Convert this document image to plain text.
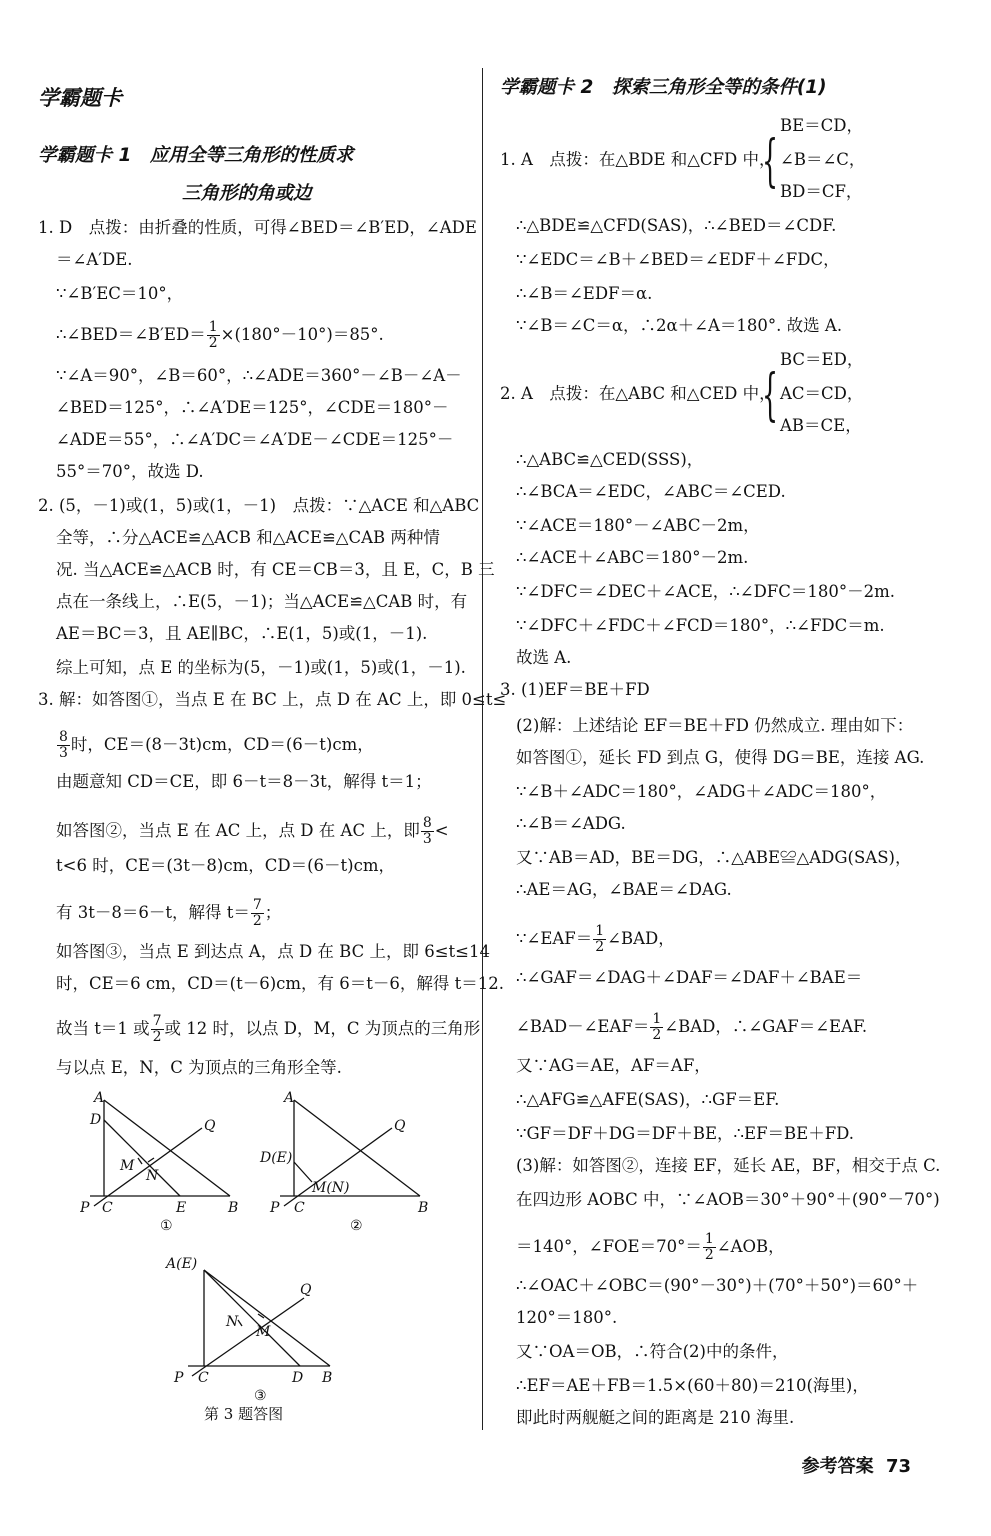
学霸题卡
学霸题卡 1　应用全等三角形的性质求
三角形的角或边
1. D　点拨：由折叠的性质，可得∠BED＝∠B′ED，∠ADE
＝∠A′DE.
∵∠B′EC＝10°，
∴∠BED＝∠B′ED＝ $\frac{1}{2} \times(180^\circ-10^\circ)=85^\circ$.
∵∠A＝90°，∠B＝60°，∴∠ADE＝360°－∠B－∠A－
∠BED＝125°，∴∠A′DE＝125°，∠CDE＝180°－
∠ADE＝55°，∴∠A′DC＝∠A′DE－∠CDE＝125°－
55°＝70°，故选 D.
2. (5，－1)或(1，5)或(1，－1)　点拨：∵△ACE 和△ABC
全等，∴分△ACE≌△ACB 和△ACE≌△CAB 两种情
况. 当△ACE≌△ACB 时，有 CE＝CB＝3，且 E，C，B 三
点在一条线上，∴E(5，－1)；当△ACE≌△CAB 时，有
AE＝BC＝3，且 AE∥BC，∴E(1，5)或(1，－1).
综上可知，点 E 的坐标为(5，－1)或(1，5)或(1，－1).
3. 解：如答图①，当点 E 在 BC 上，点 D 在 AC 上，即 0≤t≤
$\frac{8}{3}$ 时，CE＝(8－3t)cm，CD＝(6－t)cm，
由题意知 CD＝CE，即 6－t＝8－3t，解得 t＝1；
如答图②，当点 E 在 AC 上，点 D 在 AC 上，即 $\frac{8}{3}$ <
t<6 时，CE＝(3t－8)cm，CD＝(6－t)cm，
有 3t－8＝6－t，解得 $t= \frac{7}{2}$ ；
如答图③，当点 E 到达点 A，点 D 在 BC 上，即 6≤t≤14
时，CE＝6 cm，CD＝(t－6)cm，有 6＝t－6，解得 t＝12.
故当 t＝1 或 $\frac{7}{2}$ 或 12 时，以点 D，M，C 为顶点的三角形
与以点 E，N，C 为顶点的三角形全等.
A
D	Q
M
N
P C	E	B
①
A
D(E)
Q
M(N)
P C	B
②
A(E)
Q
N
M
P C	D B
③
第 3 题答图
学霸题卡 2　探索三角形全等的条件(1)
1. A　点拨：在△BDE 和△CFD 中，
{
BE＝CD，
∠B＝∠C，
BD＝CF，
∴△BDE≌△CFD(SAS)，∴∠BED＝∠CDF.
∵∠EDC＝∠B＋∠BED＝∠EDF＋∠FDC，
∴∠B＝∠EDF＝α.
∵∠B＝∠C＝α，∴2α＋∠A＝180°. 故选 A.
2. A　点拨：在△ABC 和△CED 中，
{
BC＝ED，
AC＝CD，
AB＝CE，
∴△ABC≌△CED(SSS)，
∴∠BCA＝∠EDC，∠ABC＝∠CED.
∵∠ACE＝180°－∠ABC－2m，
∴∠ACE＋∠ABC＝180°－2m.
∵∠DFC＝∠DEC＋∠ACE，∴∠DFC＝180°－2m.
∵∠DFC＋∠FDC＋∠FCD＝180°，∴∠FDC＝m.
故选 A.
3. (1)EF＝BE＋FD
(2)解：上述结论 EF＝BE＋FD 仍然成立. 理由如下：
如答图①，延长 FD 到点 G，使得 DG＝BE，连接 AG.
∵∠B＋∠ADC＝180°，∠ADG＋∠ADC＝180°，
∴∠B＝∠ADG.
又∵AB＝AD，BE＝DG，∴△ABE≌△ADG(SAS)，
∴AE＝AG，∠BAE＝∠DAG.
∵∠EAF＝ $\frac{1}{2}$ ∠BAD，
∴∠GAF＝∠DAG＋∠DAF＝∠DAF＋∠BAE＝
∠BAD－∠EAF＝ $\frac{1}{2}$ ∠BAD，∴∠GAF＝∠EAF.
又∵AG＝AE，AF＝AF，
∴△AFG≌△AFE(SAS)，∴GF＝EF.
∵GF＝DF＋DG＝DF＋BE，∴EF＝BE＋FD.
(3)解：如答图②，连接 EF，延长 AE，BF，相交于点 C.
在四边形 AOBC 中，∵∠AOB＝30°＋90°＋(90°－70°)
＝140°，∠FOE＝70°＝ $\frac{1}{2}$ ∠AOB，
∴∠OAC＋∠OBC＝(90°－30°)＋(70°＋50°)＝60°＋
120°＝180°.
又∵OA＝OB，∴符合(2)中的条件，
∴EF＝AE＋FB＝1.5×(60＋80)＝210(海里)，
即此时两舰艇之间的距离是 210 海里.
参考答案 73
